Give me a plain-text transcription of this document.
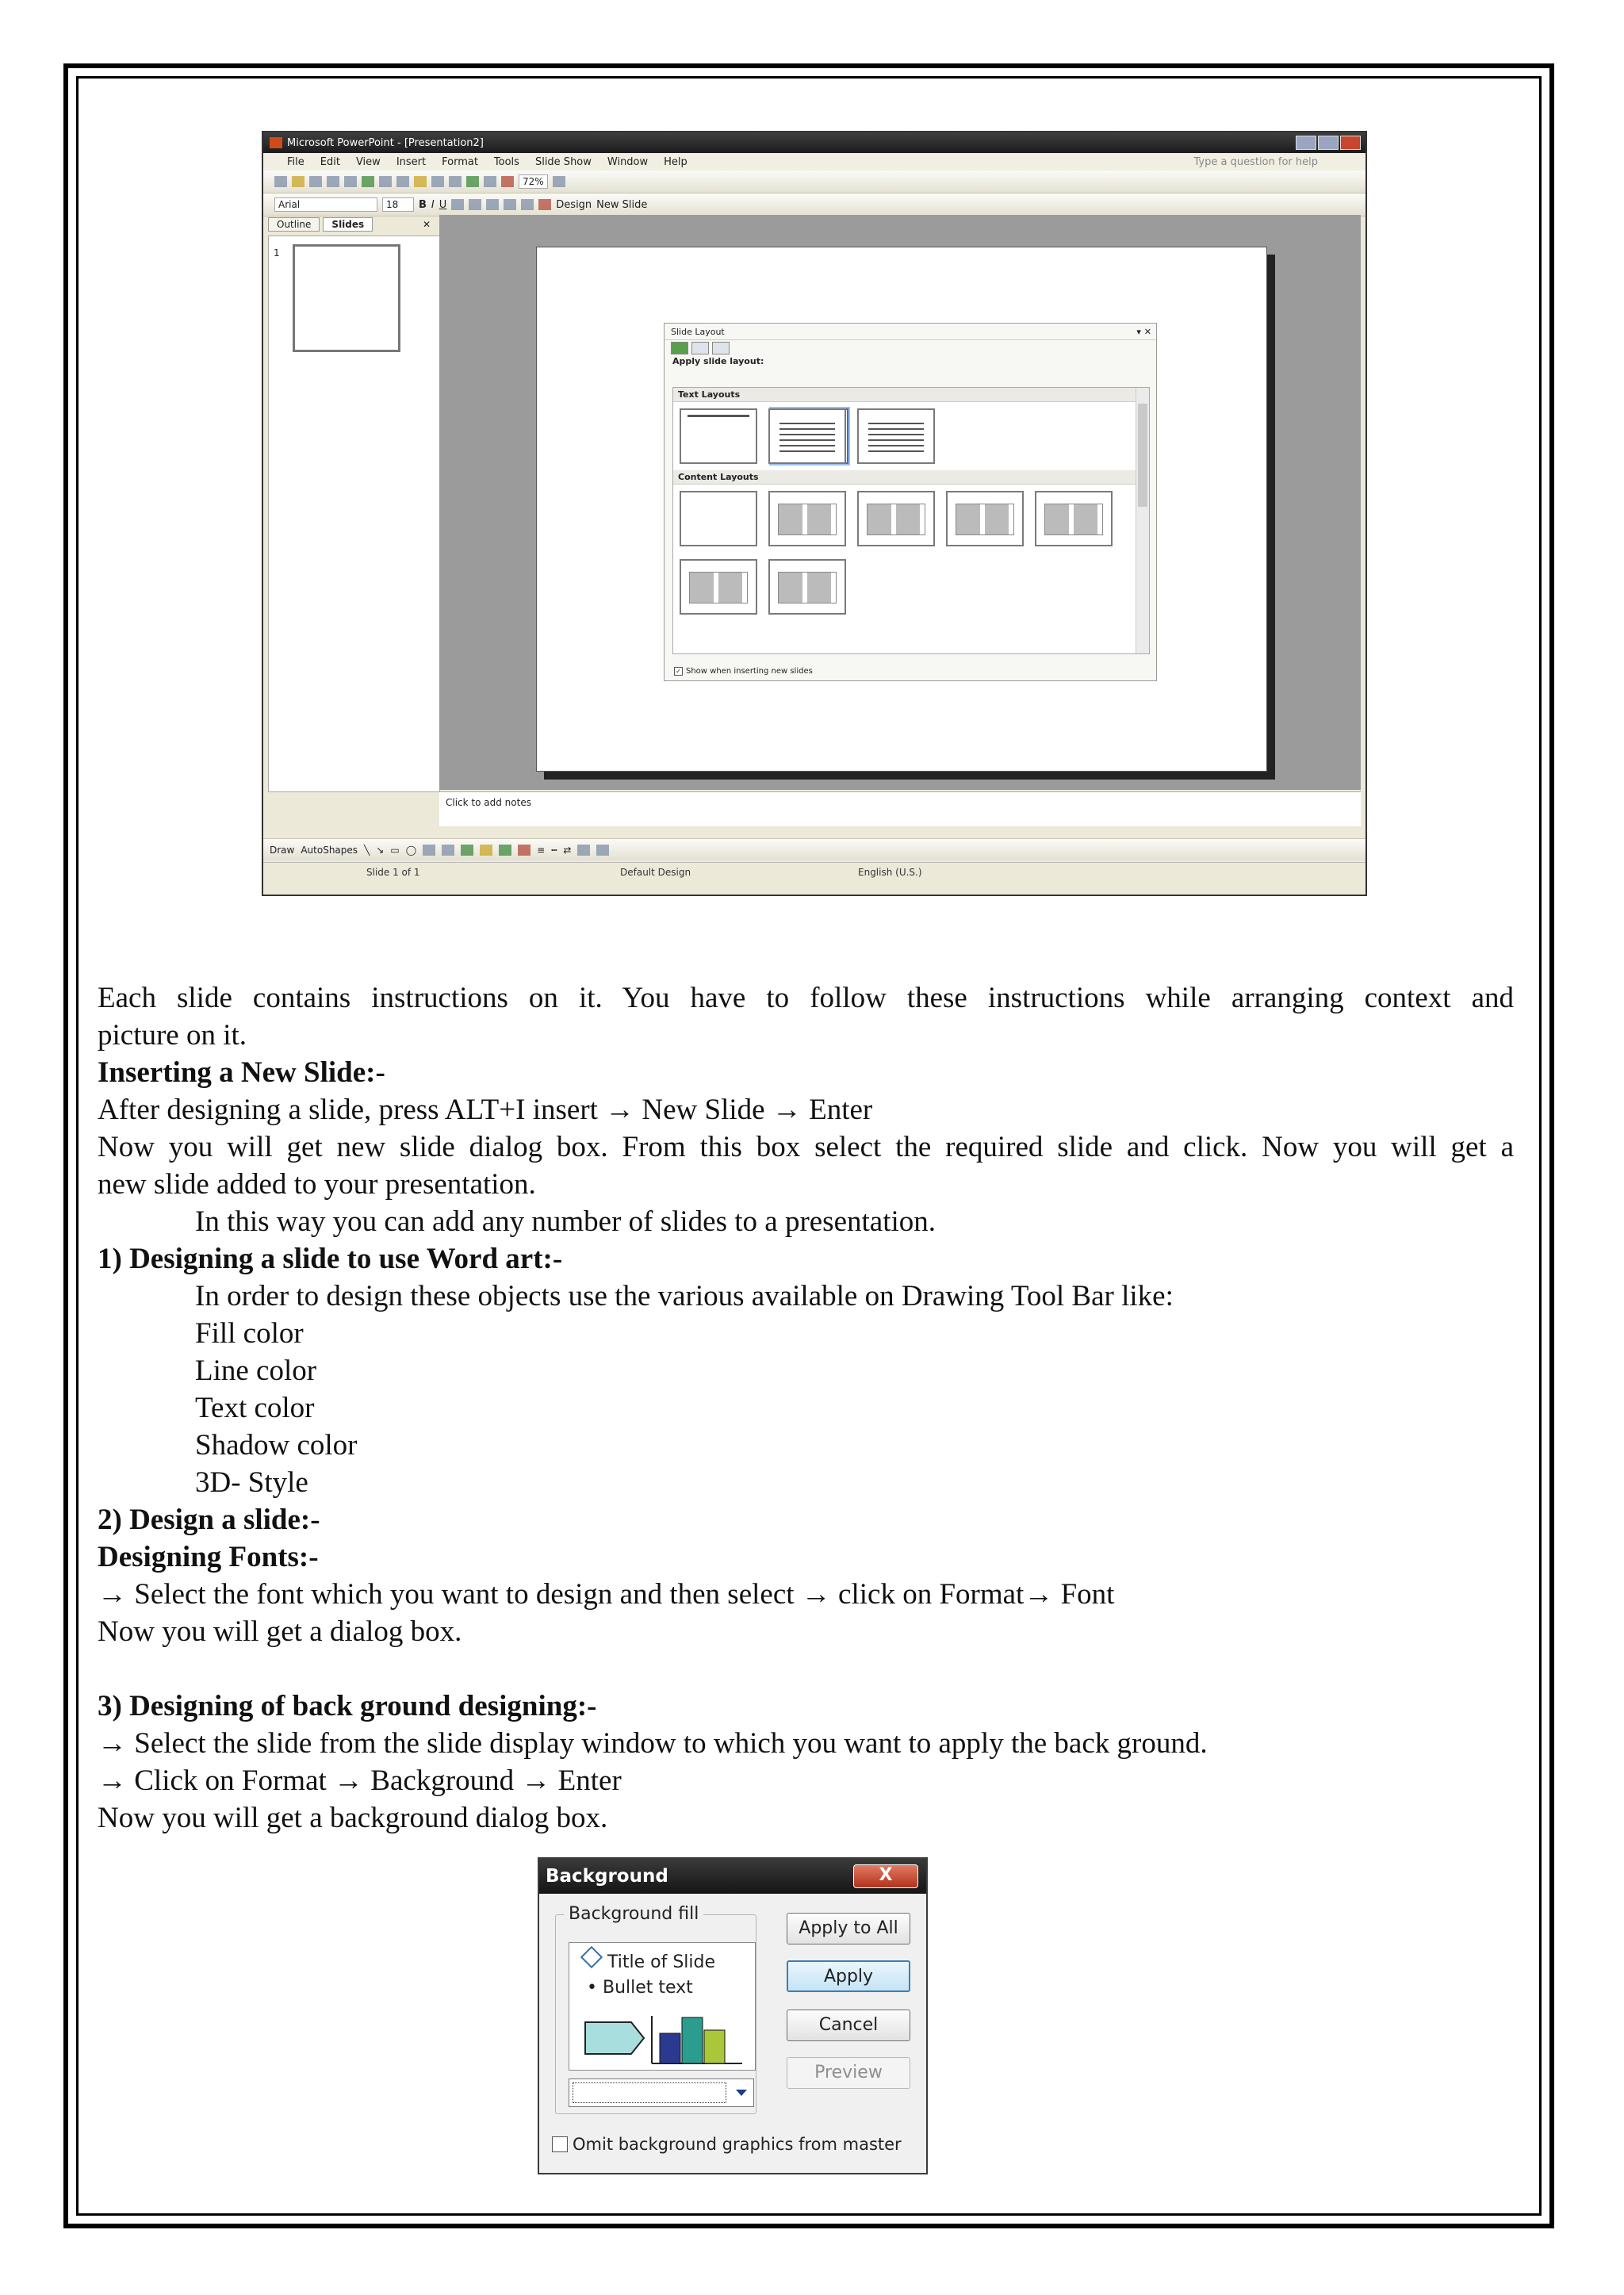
Microsoft PowerPoint - [Presentation2]
File Edit View Insert Format Tools Slide Show Window Help	Type a question for help
72%
Arial	18	B I U	Design New Slide
Outline	Slides	✕
1
Slide Layout	▾ ✕
Apply slide layout:
Text Layouts
Content Layouts
✓ Show when inserting new slides
Click to add notes
Draw AutoShapes ╲ ↘ ▭ ◯	≡ ┅ ⇄
Slide 1 of 1	Default Design	English (U.S.)
Each slide contains instructions on it. You have to follow these instructions while arranging context and
picture on it.
Inserting a New Slide:-
After designing a slide, press ALT+I insert → New Slide → Enter
Now you will get new slide dialog box. From this box select the required slide and click. Now you will get a
new slide added to your presentation.
In this way you can add any number of slides to a presentation.
1) Designing a slide to use Word art:-
In order to design these objects use the various available on Drawing Tool Bar like:
Fill color
Line color
Text color
Shadow color
3D- Style
2) Design a slide:-
Designing Fonts:-
→ Select the font which you want to design and then select → click on Format→ Font
Now you will get a dialog box.
3) Designing of back ground designing:-
→ Select the slide from the slide display window to which you want to apply the back ground.
→ Click on Format → Background → Enter
Now you will get a background dialog box.
Background	X
Background fill
Title of Slide
• Bullet text
Apply to All
Apply
Cancel
Preview
Omit background graphics from master
